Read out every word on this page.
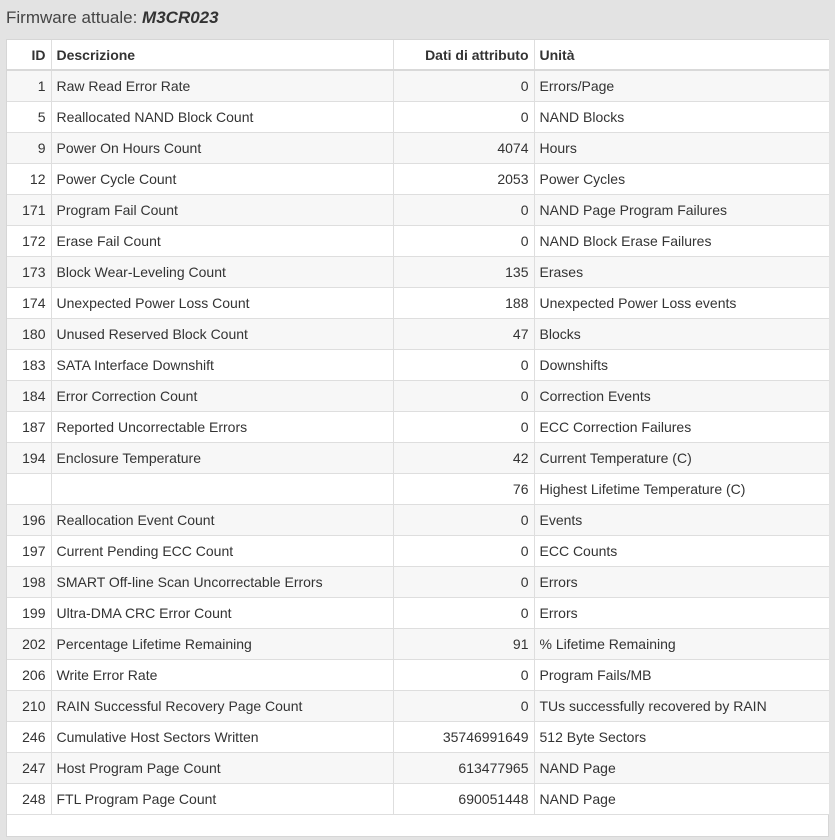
Firmware attuale: M3CR023
ID	Descrizione	Dati di attributo	Unità
1	Raw Read Error Rate	0	Errors/Page
5	Reallocated NAND Block Count	0	NAND Blocks
9	Power On Hours Count	4074	Hours
12	Power Cycle Count	2053	Power Cycles
171	Program Fail Count	0	NAND Page Program Failures
172	Erase Fail Count	0	NAND Block Erase Failures
173	Block Wear-Leveling Count	135	Erases
174	Unexpected Power Loss Count	188	Unexpected Power Loss events
180	Unused Reserved Block Count	47	Blocks
183	SATA Interface Downshift	0	Downshifts
184	Error Correction Count	0	Correction Events
187	Reported Uncorrectable Errors	0	ECC Correction Failures
194	Enclosure Temperature	42	Current Temperature (C)
		76	Highest Lifetime Temperature (C)
196	Reallocation Event Count	0	Events
197	Current Pending ECC Count	0	ECC Counts
198	SMART Off-line Scan Uncorrectable Errors	0	Errors
199	Ultra-DMA CRC Error Count	0	Errors
202	Percentage Lifetime Remaining	91	% Lifetime Remaining
206	Write Error Rate	0	Program Fails/MB
210	RAIN Successful Recovery Page Count	0	TUs successfully recovered by RAIN
246	Cumulative Host Sectors Written	35746991649	512 Byte Sectors
247	Host Program Page Count	613477965	NAND Page
248	FTL Program Page Count	690051448	NAND Page
